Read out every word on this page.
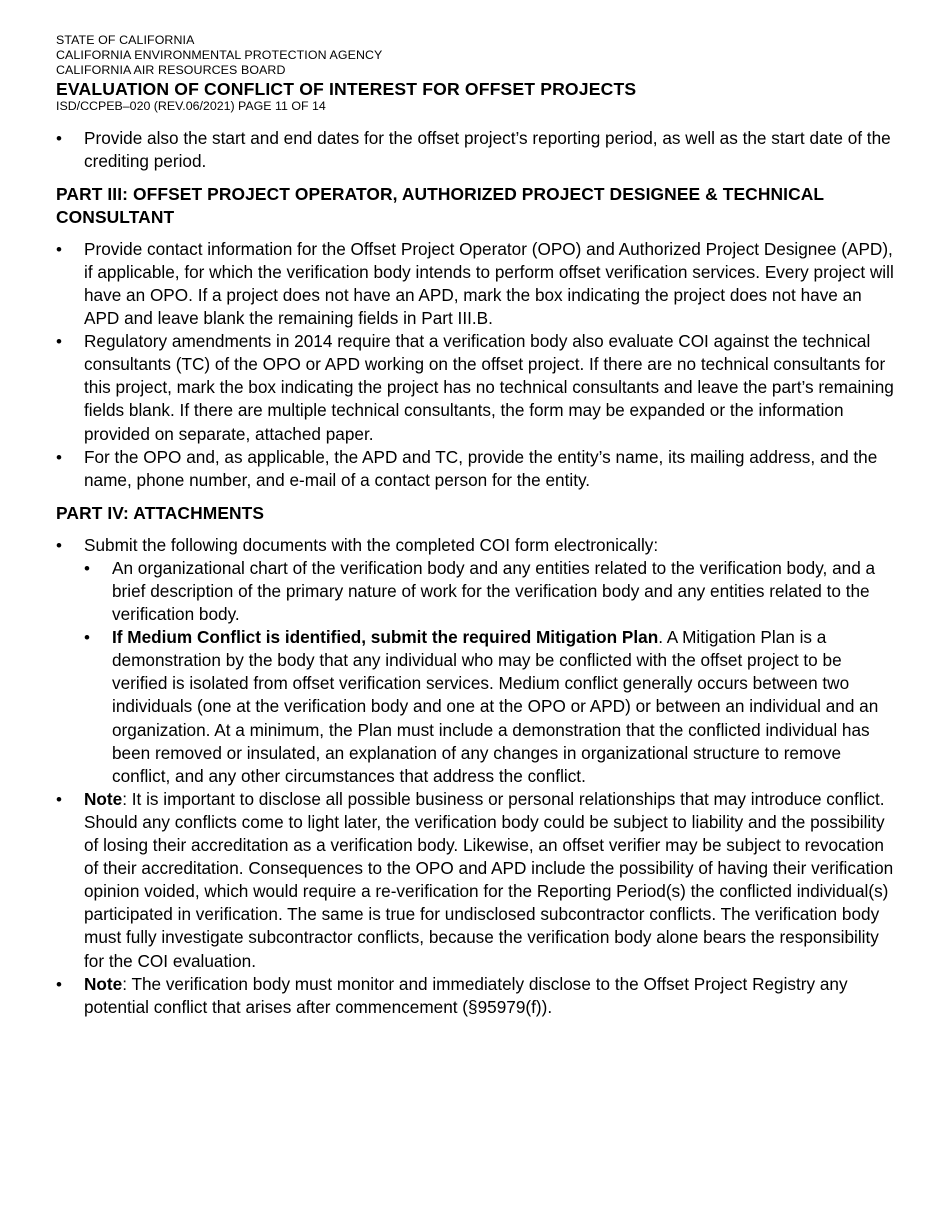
STATE OF CALIFORNIA
CALIFORNIA ENVIRONMENTAL PROTECTION AGENCY
CALIFORNIA AIR RESOURCES BOARD
EVALUATION OF CONFLICT OF INTEREST FOR OFFSET PROJECTS
ISD/CCPEB–020 (REV.06/2021) PAGE 11 OF 14
• Provide also the start and end dates for the offset project’s reporting period, as well as the start date of the crediting period.
PART III: OFFSET PROJECT OPERATOR, AUTHORIZED PROJECT DESIGNEE & TECHNICAL CONSULTANT
• Provide contact information for the Offset Project Operator (OPO) and Authorized Project Designee (APD), if applicable, for which the verification body intends to perform offset verification services. Every project will have an OPO. If a project does not have an APD, mark the box indicating the project does not have an APD and leave blank the remaining fields in Part III.B.
• Regulatory amendments in 2014 require that a verification body also evaluate COI against the technical consultants (TC) of the OPO or APD working on the offset project. If there are no technical consultants for this project, mark the box indicating the project has no technical consultants and leave the part’s remaining fields blank. If there are multiple technical consultants, the form may be expanded or the information provided on separate, attached paper.
• For the OPO and, as applicable, the APD and TC, provide the entity’s name, its mailing address, and the name, phone number, and e-mail of a contact person for the entity.
PART IV: ATTACHMENTS
• Submit the following documents with the completed COI form electronically:
• An organizational chart of the verification body and any entities related to the verification body, and a brief description of the primary nature of work for the verification body and any entities related to the verification body.
• If Medium Conflict is identified, submit the required Mitigation Plan. A Mitigation Plan is a demonstration by the body that any individual who may be conflicted with the offset project to be verified is isolated from offset verification services. Medium conflict generally occurs between two individuals (one at the verification body and one at the OPO or APD) or between an individual and an organization. At a minimum, the Plan must include a demonstration that the conflicted individual has been removed or insulated, an explanation of any changes in organizational structure to remove conflict, and any other circumstances that address the conflict.
• Note: It is important to disclose all possible business or personal relationships that may introduce conflict. Should any conflicts come to light later, the verification body could be subject to liability and the possibility of losing their accreditation as a verification body. Likewise, an offset verifier may be subject to revocation of their accreditation. Consequences to the OPO and APD include the possibility of having their verification opinion voided, which would require a re-verification for the Reporting Period(s) the conflicted individual(s) participated in verification. The same is true for undisclosed subcontractor conflicts. The verification body must fully investigate subcontractor conflicts, because the verification body alone bears the responsibility for the COI evaluation.
• Note: The verification body must monitor and immediately disclose to the Offset Project Registry any potential conflict that arises after commencement (§95979(f)).
